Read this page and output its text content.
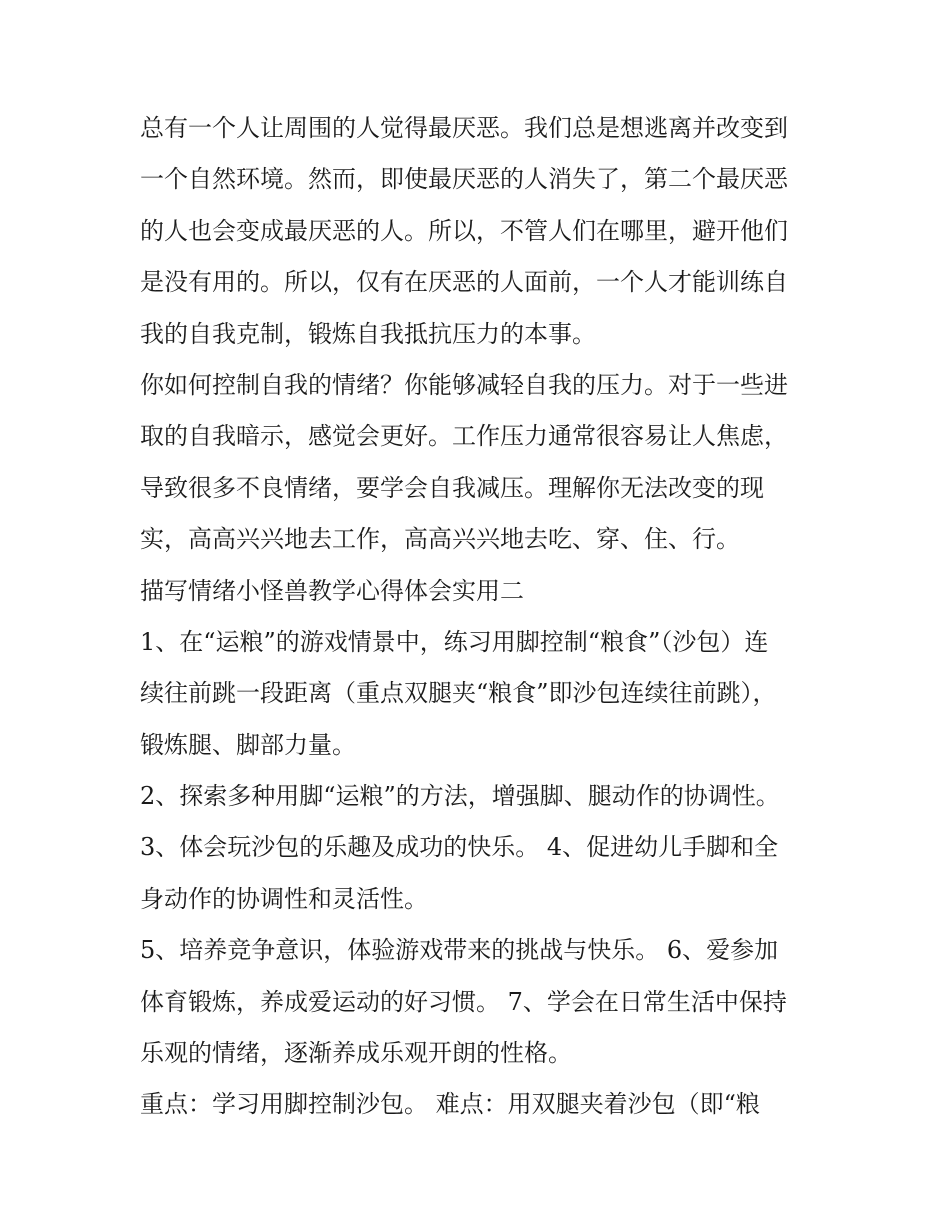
总有一个人让周围的人觉得最厌恶。我们总是想逃离并改变到
一个自然环境。然而，即使最厌恶的人消失了，第二个最厌恶
的人也会变成最厌恶的人。所以，不管人们在哪里，避开他们
是没有用的。所以，仅有在厌恶的人面前，一个人才能训练自
我的自我克制，锻炼自我抵抗压力的本事。
你如何控制自我的情绪？你能够减轻自我的压力。对于一些进
取的自我暗示，感觉会更好。工作压力通常很容易让人焦虑，
导致很多不良情绪，要学会自我减压。理解你无法改变的现
实，高高兴兴地去工作，高高兴兴地去吃、穿、住、行。
描写情绪小怪兽教学心得体会实用二
1、在“运粮”的游戏情景中，练习用脚控制“粮食”（沙包）连
续往前跳一段距离（重点双腿夹“粮食”即沙包连续往前跳），
锻炼腿、脚部力量。
2、探索多种用脚“运粮”的方法，增强脚、腿动作的协调性。
3、体会玩沙包的乐趣及成功的快乐。 4、促进幼儿手脚和全
身动作的协调性和灵活性。
5、培养竞争意识，体验游戏带来的挑战与快乐。 6、爱参加
体育锻炼，养成爱运动的好习惯。 7、学会在日常生活中保持
乐观的情绪，逐渐养成乐观开朗的性格。
重点：学习用脚控制沙包。 难点：用双腿夹着沙包（即“粮
